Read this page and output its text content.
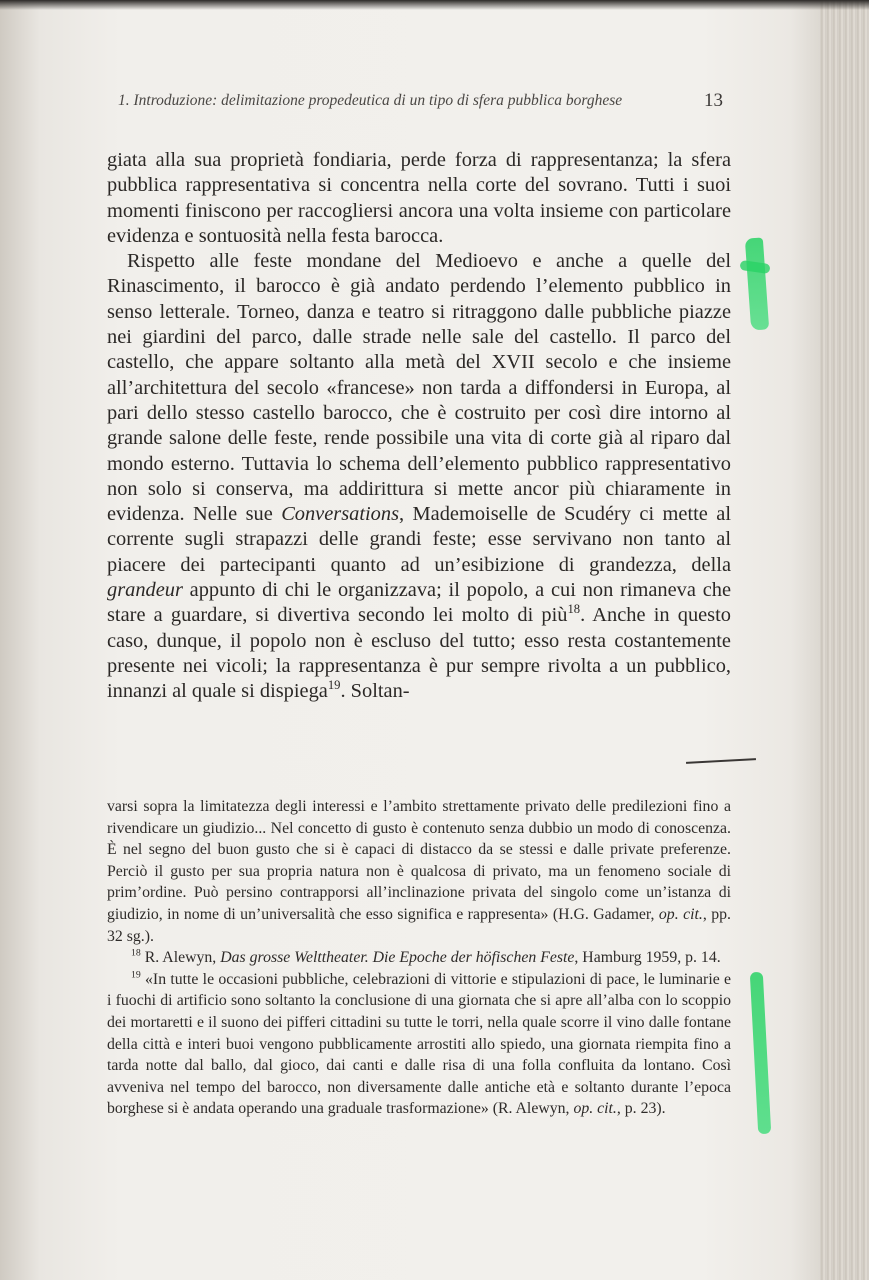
1. Introduzione: delimitazione propedeutica di un tipo di sfera pubblica borghese	13

giata alla sua proprietà fondiaria, perde forza di rappresentanza; la sfera pubblica rappresentativa si concentra nella corte del sovrano. Tutti i suoi momenti finiscono per raccogliersi ancora una volta insieme con particolare evidenza e sontuosità nella festa barocca.

Rispetto alle feste mondane del Medioevo e anche a quelle del Rinascimento, il barocco è già andato perdendo l’elemento pubblico in senso letterale. Torneo, danza e teatro si ritraggono dalle pubbliche piazze nei giardini del parco, dalle strade nelle sale del castello. Il parco del castello, che appare soltanto alla metà del XVII secolo e che insieme all’architettura del secolo «francese» non tarda a diffondersi in Europa, al pari dello stesso castello barocco, che è costruito per così dire intorno al grande salone delle feste, rende possibile una vita di corte già al riparo dal mondo esterno. Tuttavia lo schema dell’elemento pubblico rappresentativo non solo si conserva, ma addirittura si mette ancor più chiaramente in evidenza. Nelle sue Conversations, Mademoiselle de Scudéry ci mette al corrente sugli strapazzi delle grandi feste; esse servivano non tanto al piacere dei partecipanti quanto ad un’esibizione di grandezza, della grandeur appunto di chi le organizzava; il popolo, a cui non rimaneva che stare a guardare, si divertiva secondo lei molto di più$^{18}$. Anche in questo caso, dunque, il popolo non è escluso del tutto; esso resta costantemente presente nei vicoli; la rappresentanza è pur sempre rivolta a un pubblico, innanzi al quale si dispiega$^{19}$. Soltan-

varsi sopra la limitatezza degli interessi e l’ambito strettamente privato delle predilezioni fino a rivendicare un giudizio... Nel concetto di gusto è contenuto senza dubbio un modo di conoscenza. È nel segno del buon gusto che si è capaci di distacco da se stessi e dalle private preferenze. Perciò il gusto per sua propria natura non è qualcosa di privato, ma un fenomeno sociale di prim’ordine. Può persino contrapporsi all’inclinazione privata del singolo come un’istanza di giudizio, in nome di un’universalità che esso significa e rappresenta» (H.G. Gadamer, op. cit., pp. 32 sg.).

$^{18}$ R. Alewyn, Das grosse Welttheater. Die Epoche der höfischen Feste, Hamburg 1959, p. 14.

$^{19}$ «In tutte le occasioni pubbliche, celebrazioni di vittorie e stipulazioni di pace, le luminarie e i fuochi di artificio sono soltanto la conclusione di una giornata che si apre all’alba con lo scoppio dei mortaretti e il suono dei pifferi cittadini su tutte le torri, nella quale scorre il vino dalle fontane della città e interi buoi vengono pubblicamente arrostiti allo spiedo, una giornata riempita fino a tarda notte dal ballo, dal gioco, dai canti e dalle risa di una folla confluita da lontano. Così avveniva nel tempo del barocco, non diversamente dalle antiche età e soltanto durante l’epoca borghese si è andata operando una graduale trasformazione» (R. Alewyn, op. cit., p. 23).
